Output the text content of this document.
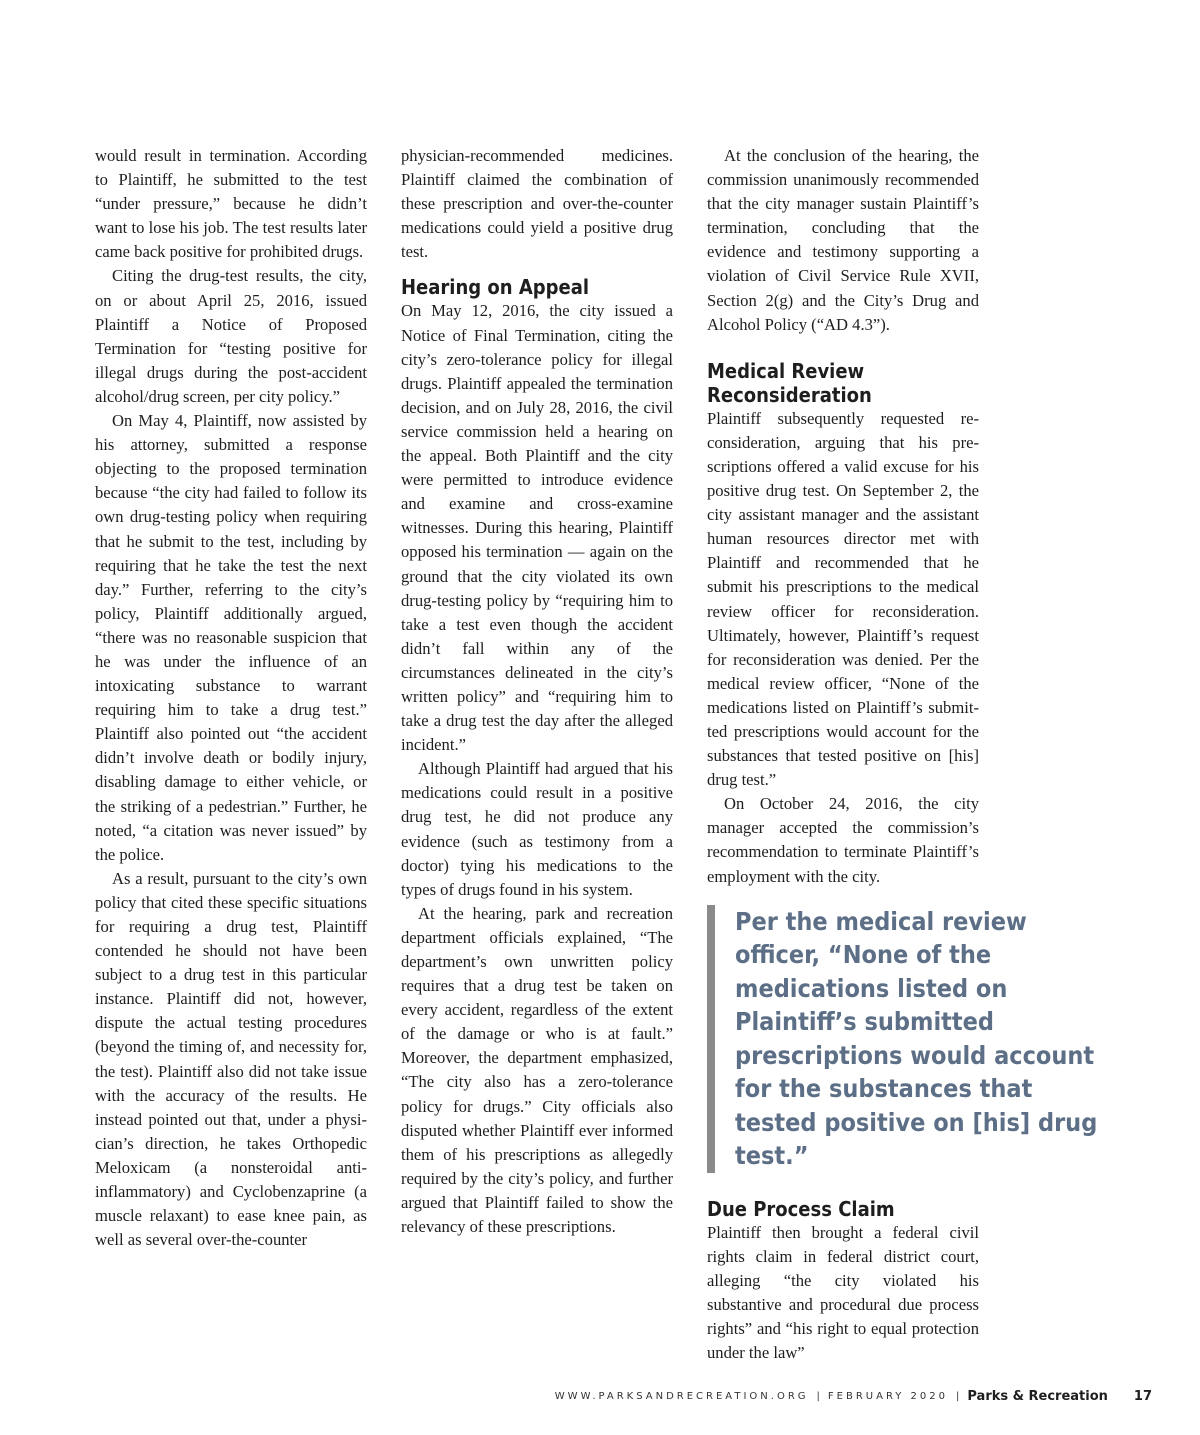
would result in termination. According to Plaintiff, he submitted to the test “under pressure,” because he didn’t want to lose his job. The test results later came back positive for prohibited drugs.

Citing the drug-test results, the city, on or about April 25, 2016, issued Plaintiff a Notice of Proposed Termination for “testing positive for illegal drugs during the post-accident alcohol/drug screen, per city policy.”

On May 4, Plaintiff, now assisted by his attorney, submitted a response objecting to the proposed termination because “the city had failed to follow its own drug-testing policy when requiring that he submit to the test, including by requiring that he take the test the next day.” Further, referring to the city’s policy, Plaintiff additionally argued, “there was no reasonable suspicion that he was under the influence of an intoxicating substance to warrant requiring him to take a drug test.” Plaintiff also pointed out “the accident didn’t involve death or bodily injury, disabling damage to either vehicle, or the striking of a pedestrian.” Further, he noted, “a citation was never issued” by the police.

As a result, pursuant to the city’s own policy that cited these specific situations for requiring a drug test, Plaintiff contended he should not have been subject to a drug test in this particular instance. Plaintiff did not, however, dispute the actual testing procedures (beyond the timing of, and necessity for, the test). Plaintiff also did not take issue with the accuracy of the results. He instead pointed out that, under a physician’s direction, he takes Orthopedic Meloxicam (a nonsteroidal anti-inflammatory) and Cyclobenzaprine (a muscle relaxant) to ease knee pain, as well as several over-the-counter

physician-recommended medicines. Plaintiff claimed the combination of these prescription and over-the-counter medications could yield a positive drug test.

Hearing on Appeal

On May 12, 2016, the city issued a Notice of Final Termination, citing the city’s zero-tolerance policy for illegal drugs. Plaintiff appealed the termination decision, and on July 28, 2016, the civil service commission held a hearing on the appeal. Both Plaintiff and the city were permitted to introduce evidence and examine and cross-examine witnesses. During this hearing, Plaintiff opposed his termination — again on the ground that the city violated its own drug-testing policy by “requiring him to take a test even though the accident didn’t fall within any of the circumstances delineated in the city’s written policy” and “requiring him to take a drug test the day after the alleged incident.”

Although Plaintiff had argued that his medications could result in a positive drug test, he did not produce any evidence (such as testimony from a doctor) tying his medications to the types of drugs found in his system.

At the hearing, park and recreation department officials explained, “The department’s own unwritten policy requires that a drug test be taken on every accident, regardless of the extent of the damage or who is at fault.” Moreover, the department emphasized, “The city also has a zero-tolerance policy for drugs.” City officials also disputed whether Plaintiff ever informed them of his prescriptions as allegedly required by the city’s policy, and further argued that Plaintiff failed to show the relevancy of these prescriptions.

At the conclusion of the hearing, the commission unanimously recommended that the city manager sustain Plaintiff’s termination, concluding that the evidence and testimony supporting a violation of Civil Service Rule XVII, Section 2(g) and the City’s Drug and Alcohol Policy (“AD 4.3”).

Medical Review Reconsideration

Plaintiff subsequently requested reconsideration, arguing that his prescriptions offered a valid excuse for his positive drug test. On September 2, the city assistant manager and the assistant human resources director met with Plaintiff and recommended that he submit his prescriptions to the medical review officer for reconsideration. Ultimately, however, Plaintiff’s request for reconsideration was denied. Per the medical review officer, “None of the medications listed on Plaintiff’s submitted prescriptions would account for the substances that tested positive on [his] drug test.”

On October 24, 2016, the city manager accepted the commission’s recommendation to terminate Plaintiff’s employment with the city.

Per the medical review officer, “None of the medications listed on Plaintiff’s submitted prescriptions would account for the substances that tested positive on [his] drug test.”

Due Process Claim

Plaintiff then brought a federal civil rights claim in federal district court, alleging “the city violated his substantive and procedural due process rights” and “his right to equal protection under the law”

WWW.PARKSANDRECREATION.ORG | FEBRUARY 2020 | Parks & Recreation 17
